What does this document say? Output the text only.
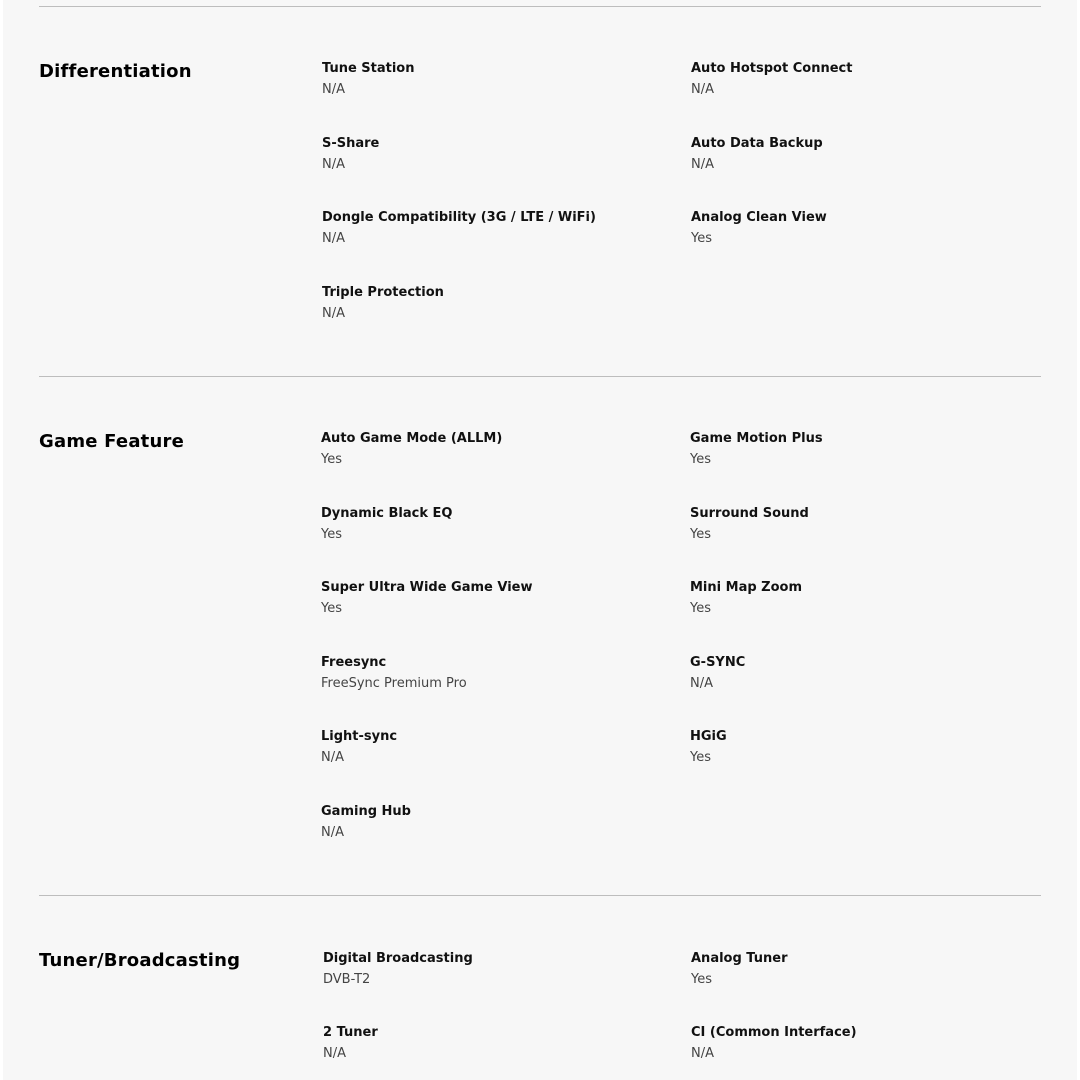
Differentiation	Tune Station
N/A
Auto Hotspot Connect
N/A
S-Share
N/A
Auto Data Backup
N/A
Dongle Compatibility (3G / LTE / WiFi)
N/A
Analog Clean View
Yes
Triple Protection
N/A
Game Feature	Auto Game Mode (ALLM)
Yes
Game Motion Plus
Yes
Dynamic Black EQ
Yes
Surround Sound
Yes
Super Ultra Wide Game View
Yes
Mini Map Zoom
Yes
Freesync
FreeSync Premium Pro
G-SYNC
N/A
Light-sync
N/A
HGiG
Yes
Gaming Hub
N/A
Tuner/Broadcasting	Digital Broadcasting
DVB-T2
Analog Tuner
Yes
2 Tuner
N/A
CI (Common Interface)
N/A
